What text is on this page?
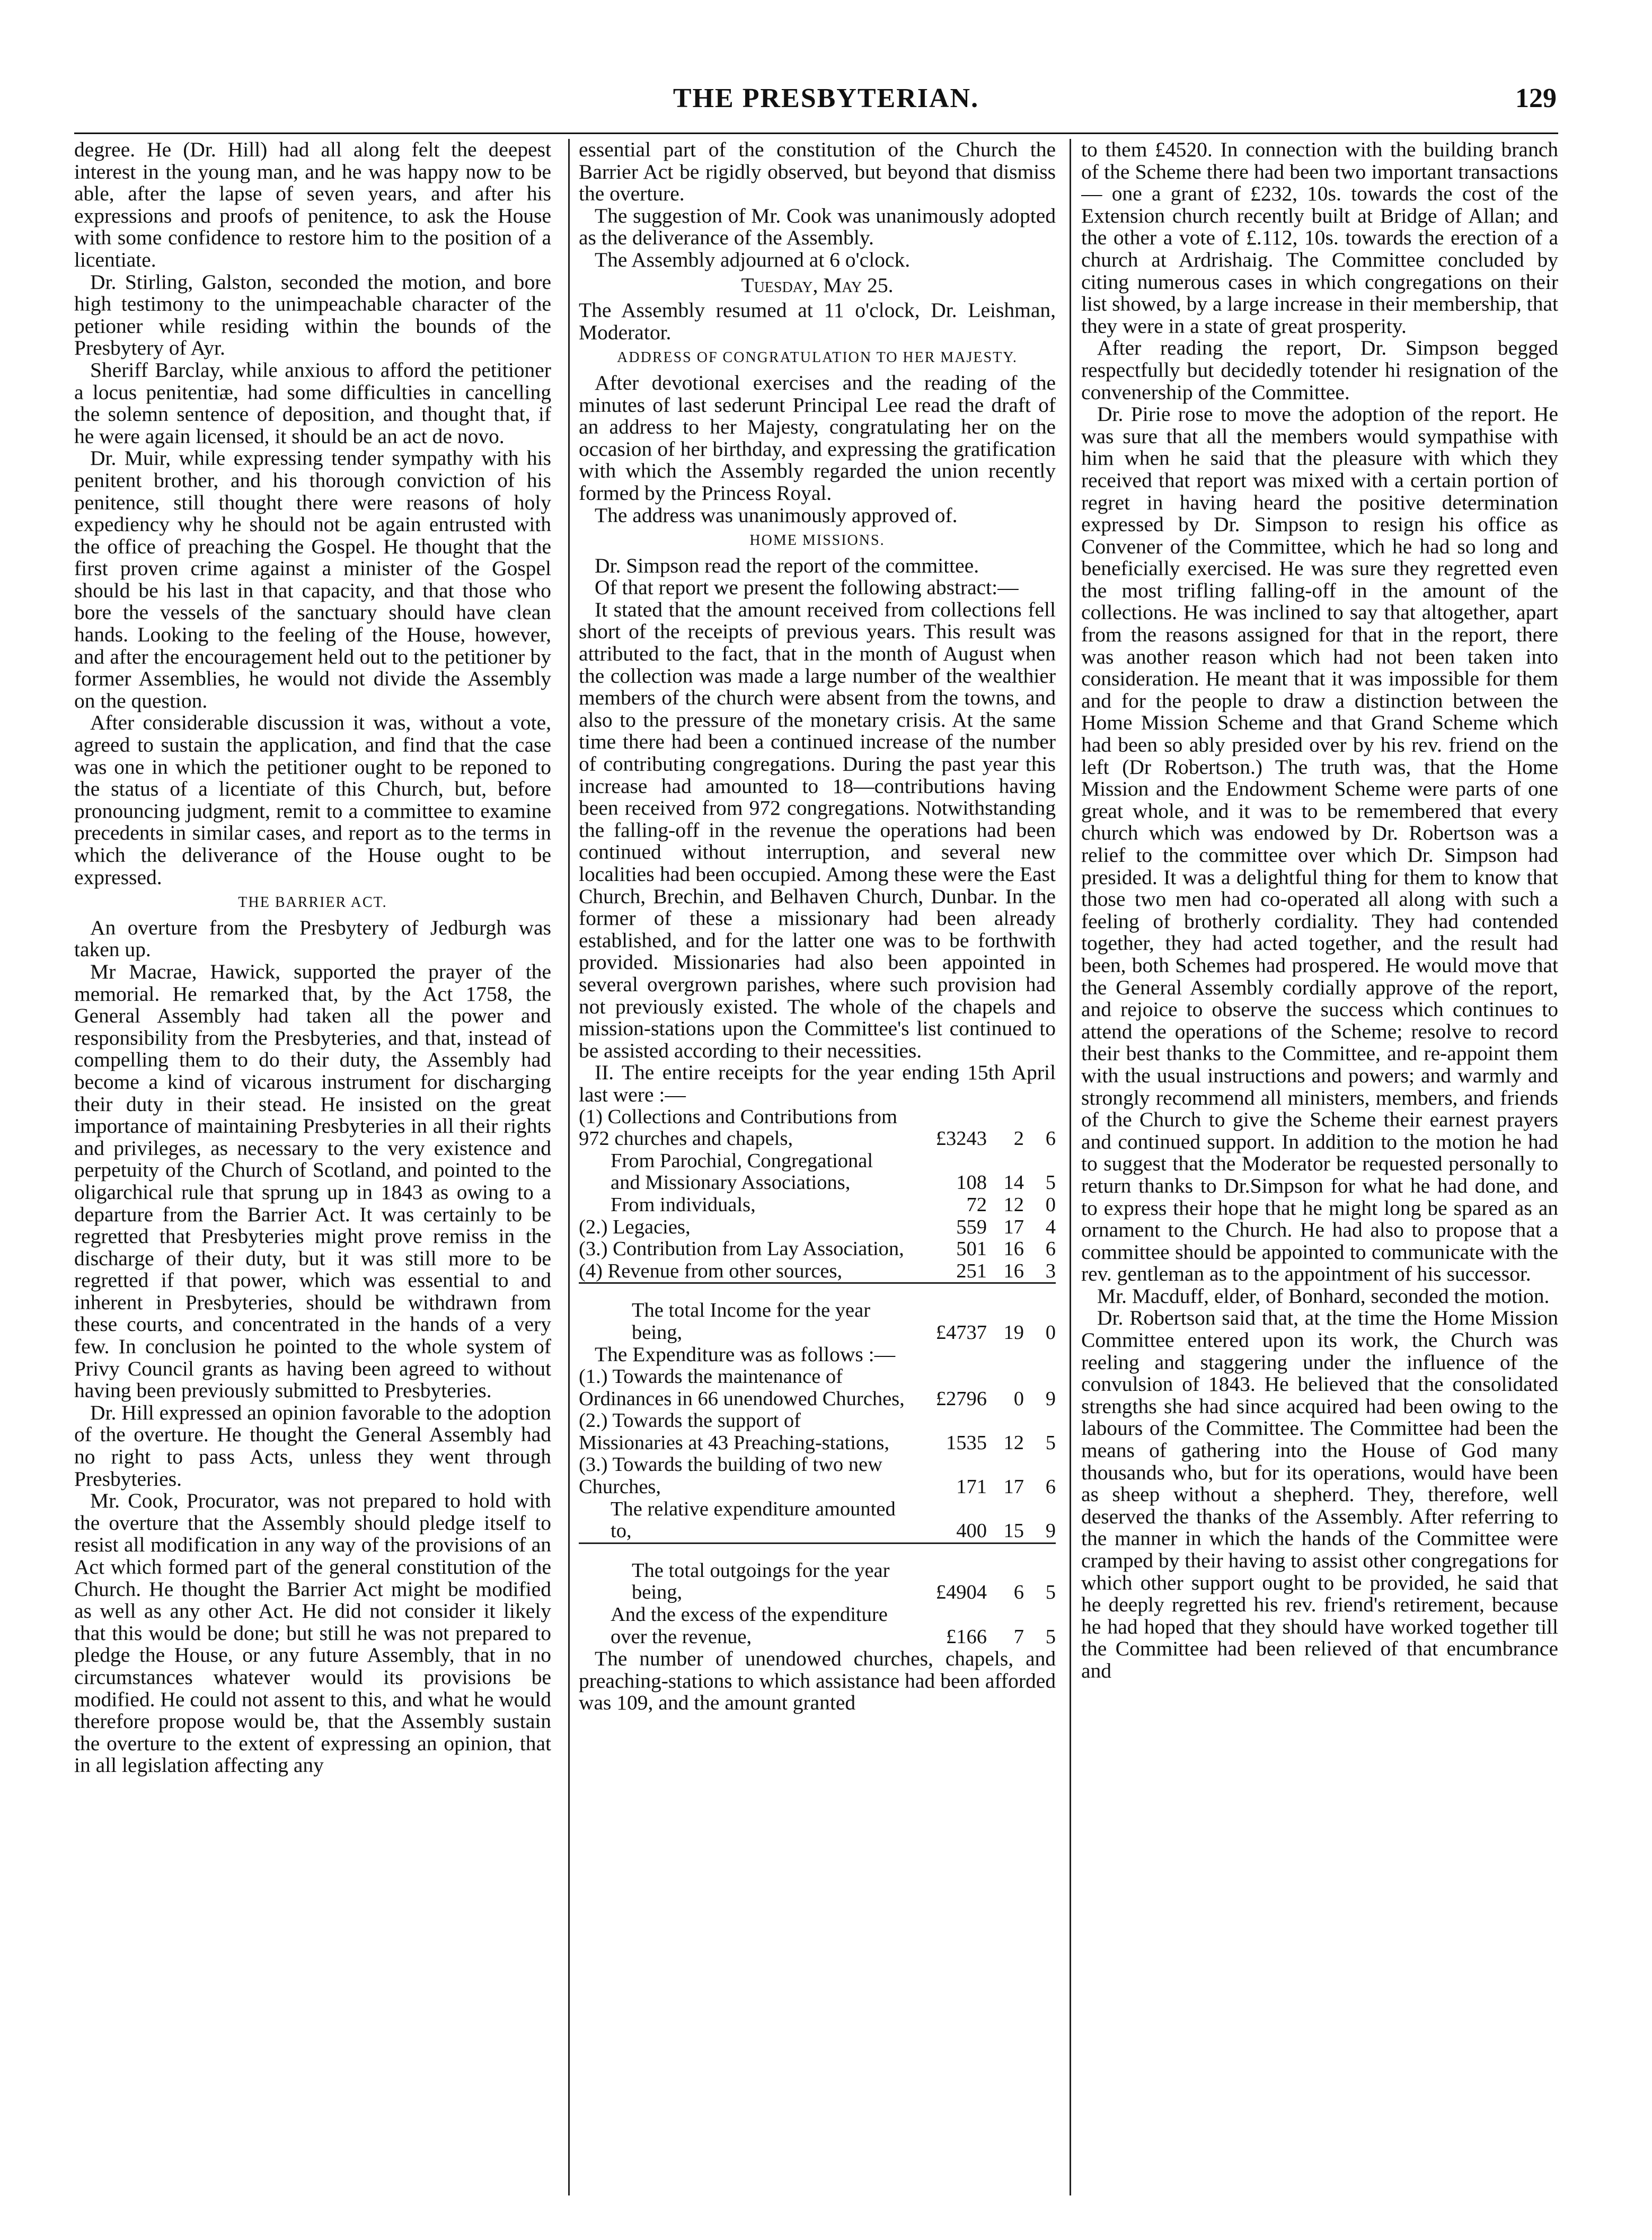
THE PRESBYTERIAN.	129

degree. He (Dr. Hill) had all along felt the deepest interest in the young man, and he was happy now to be able, after the lapse of seven years, and after his expressions and proofs of penitence, to ask the House with some confidence to restore him to the position of a licentiate.

Dr. Stirling, Galston, seconded the motion, and bore high testimony to the unimpeachable character of the petioner while residing within the bounds of the Presbytery of Ayr.

Sheriff Barclay, while anxious to afford the petitioner a locus penitentiæ, had some difficulties in cancelling the solemn sentence of deposition, and thought that, if he were again licensed, it should be an act de novo.

Dr. Muir, while expressing tender sympathy with his penitent brother, and his thorough conviction of his penitence, still thought there were reasons of holy expediency why he should not be again entrusted with the office of preaching the Gospel. He thought that the first proven crime against a minister of the Gospel should be his last in that capacity, and that those who bore the vessels of the sanctuary should have clean hands. Looking to the feeling of the House, however, and after the encouragement held out to the petitioner by former Assemblies, he would not divide the Assembly on the question.

After considerable discussion it was, without a vote, agreed to sustain the application, and find that the case was one in which the petitioner ought to be reponed to the status of a licentiate of this Church, but, before pronouncing judgment, remit to a committee to examine precedents in similar cases, and report as to the terms in which the deliverance of the House ought to be expressed.

THE BARRIER ACT.

An overture from the Presbytery of Jedburgh was taken up.

Mr Macrae, Hawick, supported the prayer of the memorial. He remarked that, by the Act 1758, the General Assembly had taken all the power and responsibility from the Presbyteries, and that, instead of compelling them to do their duty, the Assembly had become a kind of vicarous instrument for discharging their duty in their stead. He insisted on the great importance of maintaining Presbyteries in all their rights and privileges, as necessary to the very existence and perpetuity of the Church of Scotland, and pointed to the oligarchical rule that sprung up in 1843 as owing to a departure from the Barrier Act. It was certainly to be regretted that Presbyteries might prove remiss in the discharge of their duty, but it was still more to be regretted if that power, which was essential to and inherent in Presbyteries, should be withdrawn from these courts, and concentrated in the hands of a very few. In conclusion he pointed to the whole system of Privy Council grants as having been agreed to without having been previously submitted to Presbyteries.

Dr. Hill expressed an opinion favorable to the adoption of the overture. He thought the General Assembly had no right to pass Acts, unless they went through Presbyteries.

Mr. Cook, Procurator, was not prepared to hold with the overture that the Assembly should pledge itself to resist all modification in any way of the provisions of an Act which formed part of the general constitution of the Church. He thought the Barrier Act might be modified as well as any other Act. He did not consider it likely that this would be done; but still he was not prepared to pledge the House, or any future Assembly, that in no circumstances whatever would its provisions be modified. He could not assent to this, and what he would therefore propose would be, that the Assembly sustain the overture to the extent of expressing an opinion, that in all legislation affecting any

essential part of the constitution of the Church the Barrier Act be rigidly observed, but beyond that dismiss the overture.

The suggestion of Mr. Cook was unanimously adopted as the deliverance of the Assembly.

The Assembly adjourned at 6 o'clock.

Tuesday, May 25.

The Assembly resumed at 11 o'clock, Dr. Leishman, Moderator.

ADDRESS OF CONGRATULATION TO HER MAJESTY.

After devotional exercises and the reading of the minutes of last sederunt Principal Lee read the draft of an address to her Majesty, congratulating her on the occasion of her birthday, and expressing the gratification with which the Assembly regarded the union recently formed by the Princess Royal.

The address was unanimously approved of.

HOME MISSIONS.

Dr. Simpson read the report of the committee.

Of that report we present the following abstract:—

It stated that the amount received from collections fell short of the receipts of previous years. This result was attributed to the fact, that in the month of August when the collection was made a large number of the wealthier members of the church were absent from the towns, and also to the pressure of the monetary crisis. At the same time there had been a continued increase of the number of contributing congregations. During the past year this increase had amounted to 18—contributions having been received from 972 congregations. Notwithstanding the falling-off in the revenue the operations had been continued without interruption, and several new localities had been occupied. Among these were the East Church, Brechin, and Belhaven Church, Dunbar. In the former of these a missionary had been already established, and for the latter one was to be forthwith provided. Missionaries had also been appointed in several overgrown parishes, where such provision had not previously existed. The whole of the chapels and mission-stations upon the Committee's list continued to be assisted according to their necessities.

II. The entire receipts for the year ending 15th April last were :—

(1) Collections and Contributions from 972 churches and chapels,	£3243	2	6
From Parochial, Congregational and Missionary Associations,	108	14	5
From individuals,	72	12	0
(2.) Legacies,	559	17	4
(3.) Contribution from Lay Association,	501	16	6
(4) Revenue from other sources,	251	16	3

The total Income for the year being,	£4737	19	0

The Expenditure was as follows :—

(1.) Towards the maintenance of Ordinances in 66 unendowed Churches,	£2796	0	9
(2.) Towards the support of Missionaries at 43 Preaching-stations,	1535	12	5
(3.) Towards the building of two new Churches,	171	17	6
The relative expenditure amounted to,	400	15	9

The total outgoings for the year being,	£4904	6	5
And the excess of the expenditure over the revenue,	£166	7	5

The number of unendowed churches, chapels, and preaching-stations to which assistance had been afforded was 109, and the amount granted

to them £4520. In connection with the building branch of the Scheme there had been two important transactions— one a grant of £232, 10s. towards the cost of the Extension church recently built at Bridge of Allan; and the other a vote of £.112, 10s. towards the erection of a church at Ardrishaig. The Committee concluded by citing numerous cases in which congregations on their list showed, by a large increase in their membership, that they were in a state of great prosperity.

After reading the report, Dr. Simpson begged respectfully but decidedly totender hi resignation of the convenership of the Committee.

Dr. Pirie rose to move the adoption of the report. He was sure that all the members would sympathise with him when he said that the pleasure with which they received that report was mixed with a certain portion of regret in having heard the positive determination expressed by Dr. Simpson to resign his office as Convener of the Committee, which he had so long and beneficially exercised. He was sure they regretted even the most trifling falling-off in the amount of the collections. He was inclined to say that altogether, apart from the reasons assigned for that in the report, there was another reason which had not been taken into consideration. He meant that it was impossible for them and for the people to draw a distinction between the Home Mission Scheme and that Grand Scheme which had been so ably presided over by his rev. friend on the left (Dr Robertson.) The truth was, that the Home Mission and the Endowment Scheme were parts of one great whole, and it was to be remembered that every church which was endowed by Dr. Robertson was a relief to the committee over which Dr. Simpson had presided. It was a delightful thing for them to know that those two men had co-operated all along with such a feeling of brotherly cordiality. They had contended together, they had acted together, and the result had been, both Schemes had prospered. He would move that the General Assembly cordially approve of the report, and rejoice to observe the success which continues to attend the operations of the Scheme; resolve to record their best thanks to the Committee, and re-appoint them with the usual instructions and powers; and warmly and strongly recommend all ministers, members, and friends of the Church to give the Scheme their earnest prayers and continued support. In addition to the motion he had to suggest that the Moderator be requested personally to return thanks to Dr.Simpson for what he had done, and to express their hope that he might long be spared as an ornament to the Church. He had also to propose that a committee should be appointed to communicate with the rev. gentleman as to the appointment of his successor.

Mr. Macduff, elder, of Bonhard, seconded the motion.

Dr. Robertson said that, at the time the Home Mission Committee entered upon its work, the Church was reeling and staggering under the influence of the convulsion of 1843. He believed that the consolidated strengths she had since acquired had been owing to the labours of the Committee. The Committee had been the means of gathering into the House of God many thousands who, but for its operations, would have been as sheep without a shepherd. They, therefore, well deserved the thanks of the Assembly. After referring to the manner in which the hands of the Committee were cramped by their having to assist other congregations for which other support ought to be provided, he said that he deeply regretted his rev. friend's retirement, because he had hoped that they should have worked together till the Committee had been relieved of that encumbrance and
